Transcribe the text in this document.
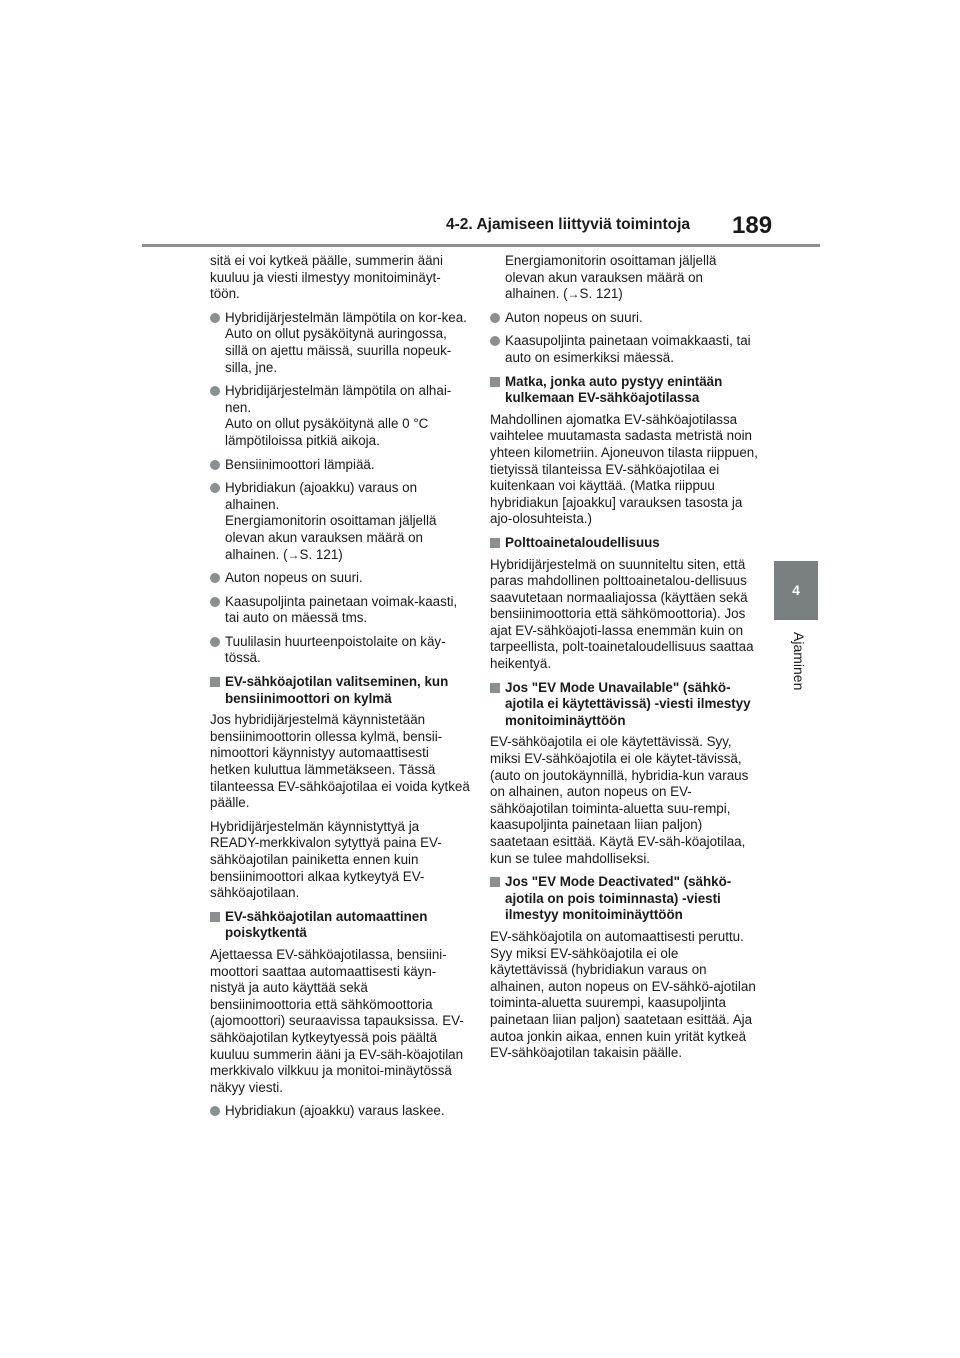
4-2. Ajamiseen liittyviä toimintoja 189
4
Ajaminen

sitä ei voi kytkeä päälle, summerin ääni kuuluu ja viesti ilmestyy monitoiminäyt-töön.

Hybridijärjestelmän lämpötila on kor-kea.
Auto on ollut pysäköitynä auringossa, sillä on ajettu mäissä, suurilla nopeuk-silla, jne.
Hybridijärjestelmän lämpötila on alhai-nen.
Auto on ollut pysäköitynä alle 0 °C lämpötiloissa pitkiä aikoja.
Bensiinimoottori lämpiää.
Hybridiakun (ajoakku) varaus on alhainen.
Energiamonitorin osoittaman jäljellä olevan akun varauksen määrä on alhainen. (→S. 121)
Auton nopeus on suuri.
Kaasupoljinta painetaan voimak-kaasti, tai auto on mäessä tms.
Tuulilasin huurteenpoistolaite on käy-tössä.
EV-sähköajotilan valitseminen, kun bensiinimoottori on kylmä

Jos hybridijärjestelmä käynnistetään bensiinimoottorin ollessa kylmä, bensii-nimoottori käynnistyy automaattisesti hetken kuluttua lämmetäkseen. Tässä tilanteessa EV-sähköajotilaa ei voida kytkeä päälle.

Hybridijärjestelmän käynnistyttyä ja READY-merkkivalon sytyttyä paina EV-sähköajotilan painiketta ennen kuin bensiinimoottori alkaa kytkeytyä EV-sähköajotilaan.

EV-sähköajotilan automaattinen poiskytkentä

Ajettaessa EV-sähköajotilassa, bensiini-moottori saattaa automaattisesti käyn-nistyä ja auto käyttää sekä bensiinimoottoria että sähkömoottoria (ajomoottori) seuraavissa tapauksissa. EV-sähköajotilan kytkeytyessä pois päältä kuuluu summerin ääni ja EV-säh-köajotilan merkkivalo vilkkuu ja monitoi-minäytössä näkyy viesti.

Hybridiakun (ajoakku) varaus laskee.
Energiamonitorin osoittaman jäljellä olevan akun varauksen määrä on alhainen. (→S. 121)
Auton nopeus on suuri.
Kaasupoljinta painetaan voimakkaasti, tai auto on esimerkiksi mäessä.
Matka, jonka auto pystyy enintään kulkemaan EV-sähköajotilassa

Mahdollinen ajomatka EV-sähköajotilassa vaihtelee muutamasta sadasta metristä noin yhteen kilometriin. Ajoneuvon tilasta riippuen, tietyissä tilanteissa EV-sähköajotilaa ei kuitenkaan voi käyttää. (Matka riippuu hybridiakun [ajoakku] varauksen tasosta ja ajo-olosuhteista.)

Polttoainetaloudellisuus

Hybridijärjestelmä on suunniteltu siten, että paras mahdollinen polttoainetalou-dellisuus saavutetaan normaaliajossa (käyttäen sekä bensiinimoottoria että sähkömoottoria). Jos ajat EV-sähköajoti-lassa enemmän kuin on tarpeellista, polt-toainetaloudellisuus saattaa heikentyä.

Jos "EV Mode Unavailable" (sähkö-ajotila ei käytettävissä) -viesti ilmestyy monitoiminäyttöön

EV-sähköajotila ei ole käytettävissä. Syy, miksi EV-sähköajotila ei ole käytet-tävissä, (auto on joutokäynnillä, hybridia-kun varaus on alhainen, auton nopeus on EV-sähköajotilan toiminta-aluetta suu-rempi, kaasupoljinta painetaan liian paljon) saatetaan esittää. Käytä EV-säh-köajotilaa, kun se tulee mahdolliseksi.

Jos "EV Mode Deactivated" (sähkö-ajotila on pois toiminnasta) -viesti ilmestyy monitoiminäyttöön

EV-sähköajotila on automaattisesti peruttu. Syy miksi EV-sähköajotila ei ole käytettävissä (hybridiakun varaus on alhainen, auton nopeus on EV-sähkö-ajotilan toiminta-aluetta suurempi, kaasupoljinta painetaan liian paljon) saatetaan esittää. Aja autoa jonkin aikaa, ennen kuin yrität kytkeä EV-sähköajotilan takaisin päälle.
